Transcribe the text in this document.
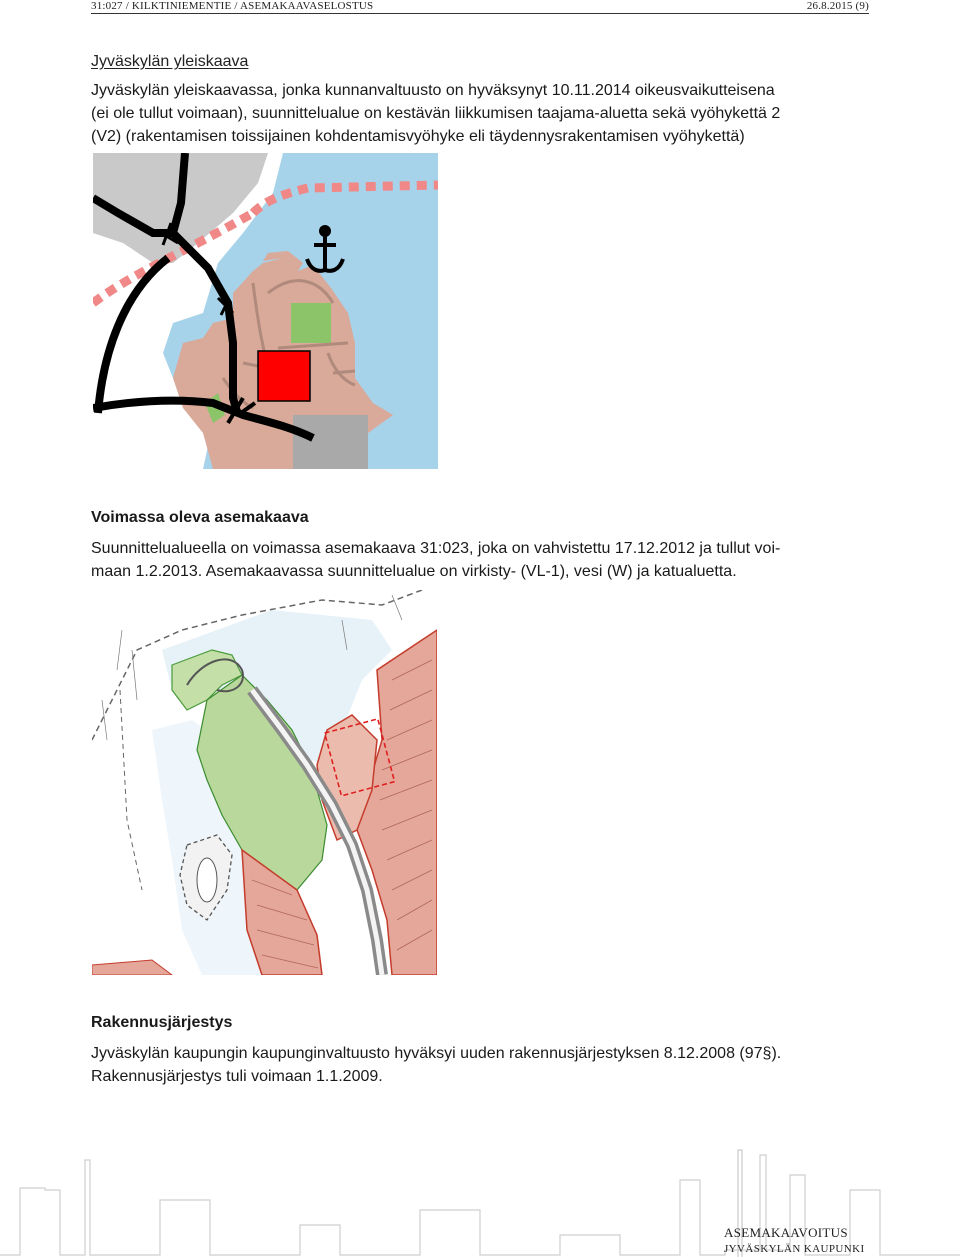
31:027 / KILKTINIEMENTIE / ASEMAKAAVASELOSTUS	26.8.2015 (9)
Jyväskylän yleiskaava
Jyväskylän yleiskaavassa, jonka kunnanvaltuusto on hyväksynyt 10.11.2014 oikeusvaikutteisena
(ei ole tullut voimaan), suunnittelualue on kestävän liikkumisen taajama-aluetta sekä vyöhykettä 2
(V2) (rakentamisen toissijainen kohdentamisvyöhyke eli täydennysrakentamisen vyöhykettä)
Voimassa oleva asemakaava
Suunnittelualueella on voimassa asemakaava 31:023, joka on vahvistettu 17.12.2012 ja tullut voi-
maan 1.2.2013. Asemakaavassa suunnittelualue on virkisty- (VL-1), vesi (W) ja katualuetta.
Rakennusjärjestys
Jyväskylän kaupungin kaupunginvaltuusto hyväksyi uuden rakennusjärjestyksen 8.12.2008 (97§).
Rakennusjärjestys tuli voimaan 1.1.2009.
ASEMAKAAVOITUS
JYVÄSKYLÄN KAUPUNKI
